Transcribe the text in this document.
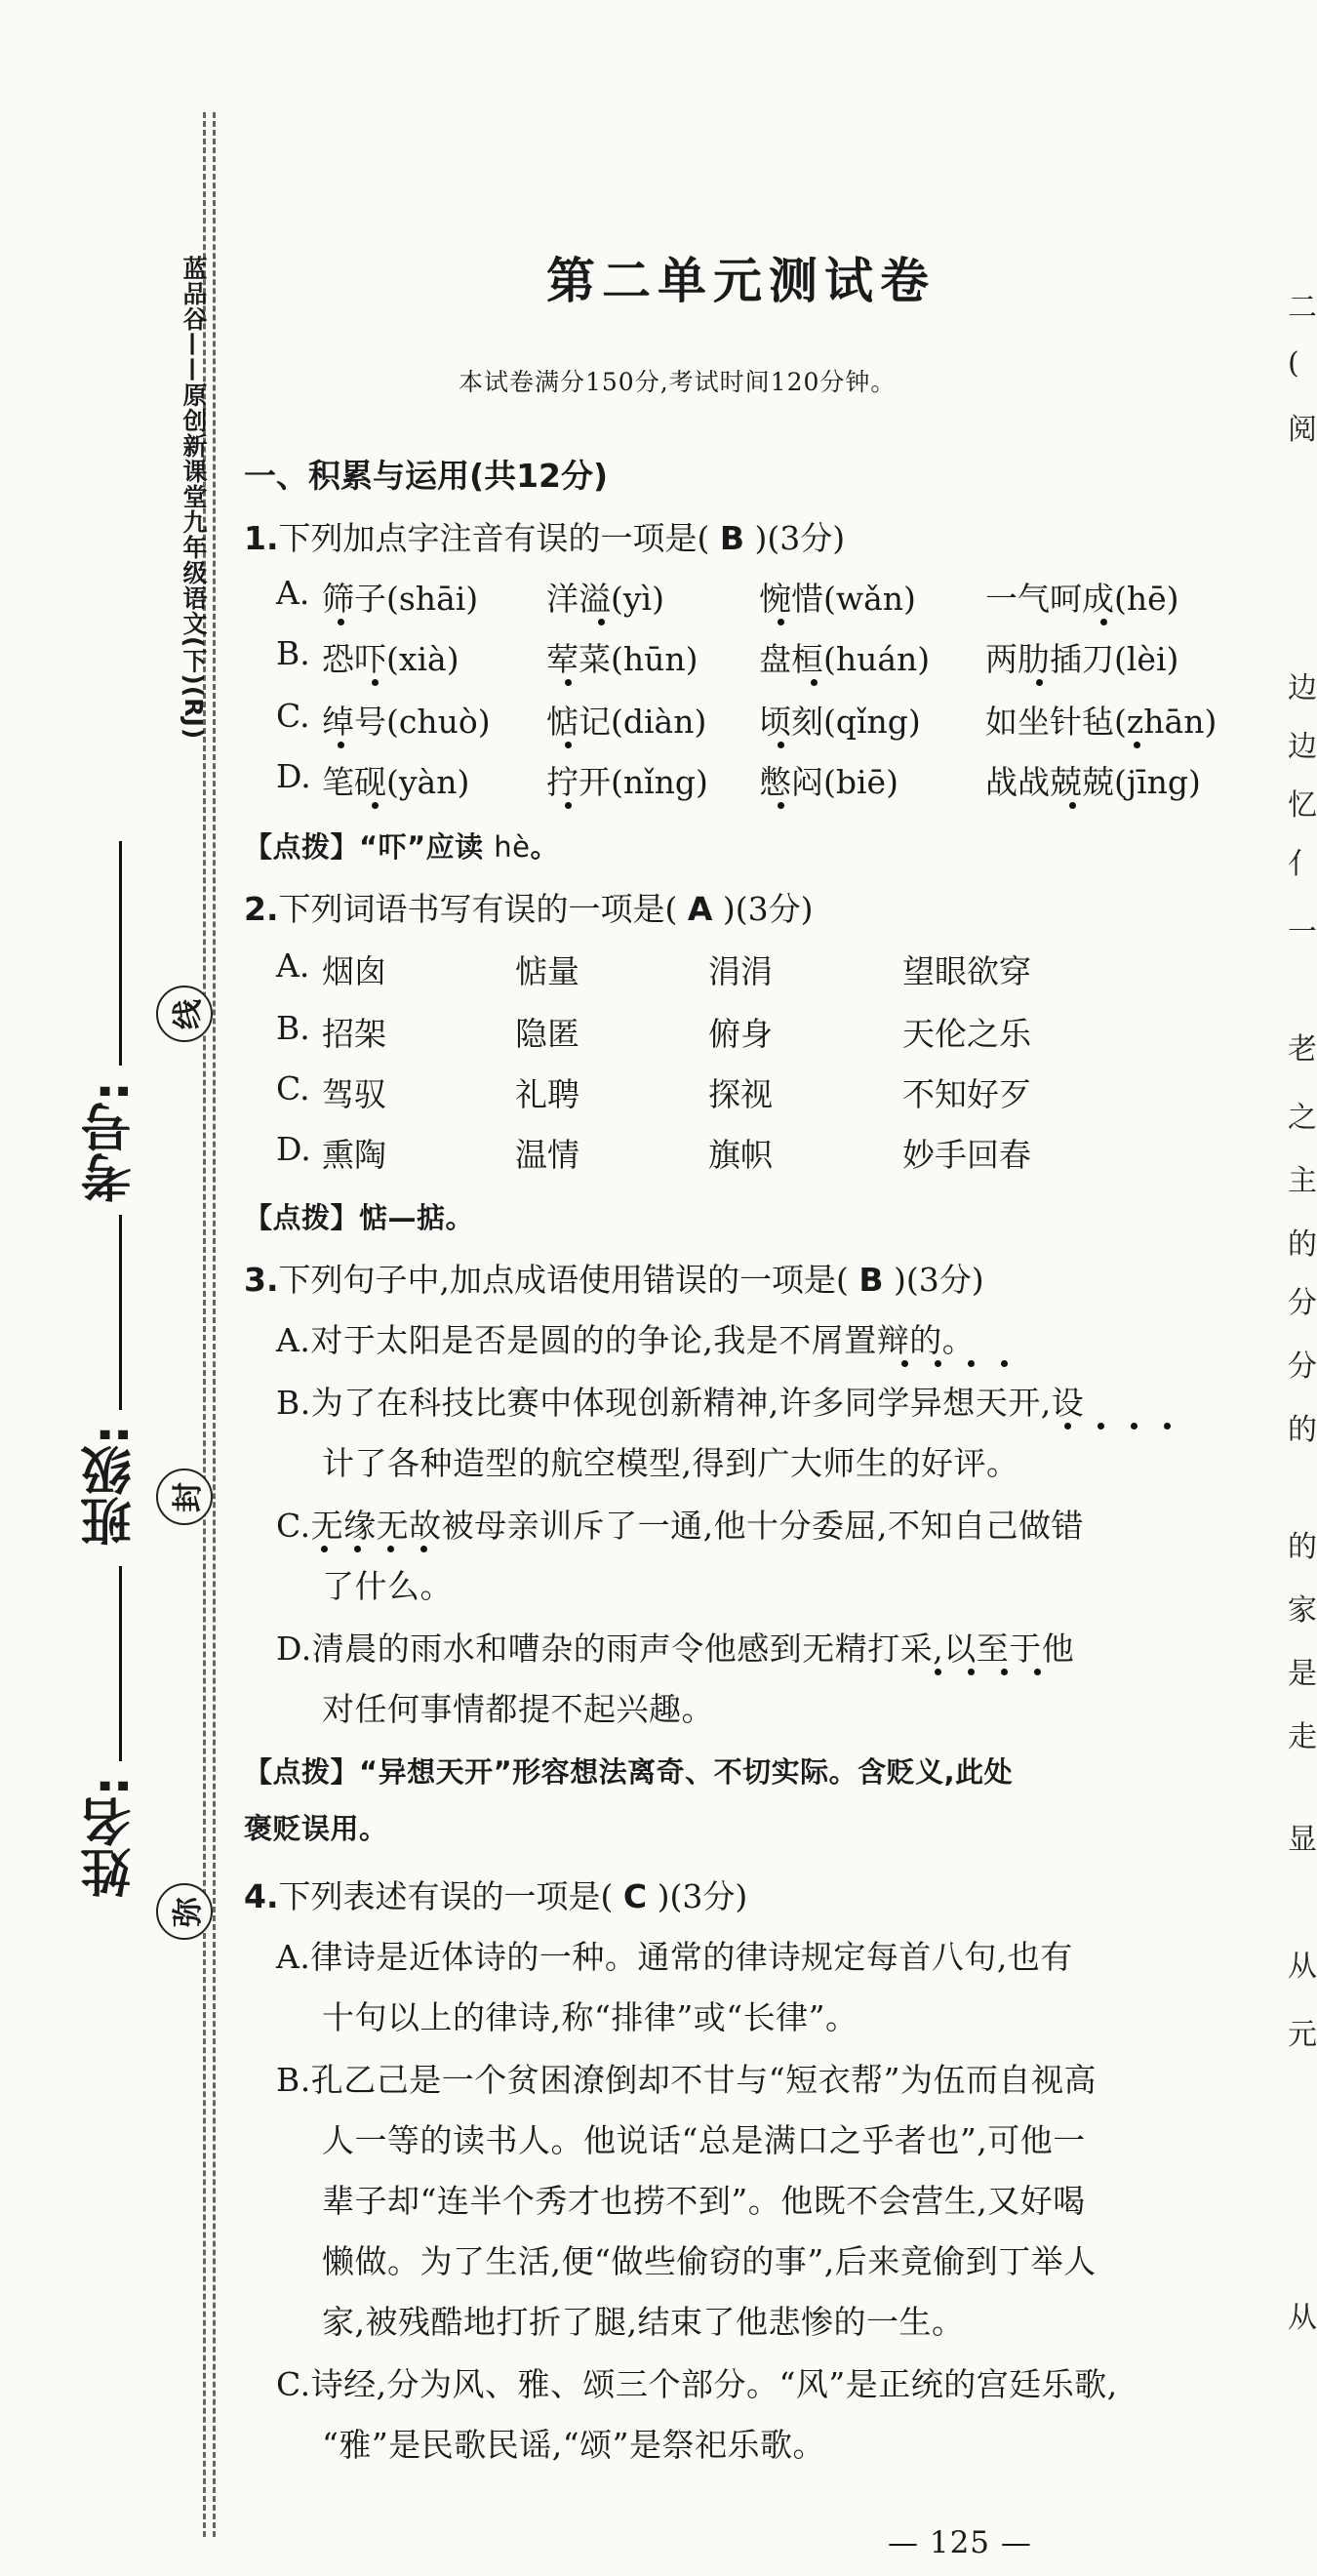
蓝品谷——原创新课堂九年级语文(下)(RJ)
考号:
班级:
姓名:
线
封
弥
二
(
阅
边
边
忆
亻
一
老
之
主
的
分
分
的
的
家
是
走
显
从
元
从
第二单元测试卷
本试卷满分150分,考试时间120分钟。
一、积累与运用(共12分)
1.下列加点字注音有误的一项是( B )(3分)
A. 筛子(shāi) 洋溢(yì)	惋惜(wǎn) 一气呵成(hē)
B. 恐吓(xià)	荤菜(hūn) 盘桓(huán) 两肋插刀(lèi)
C. 绰号(chuò) 惦记(diàn) 顷刻(qǐng) 如坐针毡(zhān)
D. 笔砚(yàn) 拧开(nǐng) 憋闷(biē)	战战兢兢(jīng)
【点拨】“吓”应读 hè。
2.下列词语书写有误的一项是( A )(3分)
A. 烟囱	惦量	涓涓	望眼欲穿
B. 招架	隐匿	俯身	天伦之乐
C. 驾驭	礼聘	探视	不知好歹
D. 熏陶	温情	旗帜	妙手回春
【点拨】惦—掂。
3.下列句子中,加点成语使用错误的一项是( B )(3分)
A.对于太阳是否是圆的的争论,我是不屑置辩的。
B.为了在科技比赛中体现创新精神,许多同学异想天开,设
计了各种造型的航空模型,得到广大师生的好评。
C.无缘无故被母亲训斥了一通,他十分委屈,不知自己做错
了什么。
D.清晨的雨水和嘈杂的雨声令他感到无精打采,以至于他
对任何事情都提不起兴趣。
【点拨】“异想天开”形容想法离奇、不切实际。含贬义,此处
褒贬误用。
4.下列表述有误的一项是( C )(3分)
A.律诗是近体诗的一种。通常的律诗规定每首八句,也有
十句以上的律诗,称“排律”或“长律”。
B.孔乙己是一个贫困潦倒却不甘与“短衣帮”为伍而自视高
人一等的读书人。他说话“总是满口之乎者也”,可他一
辈子却“连半个秀才也捞不到”。他既不会营生,又好喝
懒做。为了生活,便“做些偷窃的事”,后来竟偷到丁举人
家,被残酷地打折了腿,结束了他悲惨的一生。
C.诗经,分为风、雅、颂三个部分。“风”是正统的宫廷乐歌,
“雅”是民歌民谣,“颂”是祭祀乐歌。
— 125 —
